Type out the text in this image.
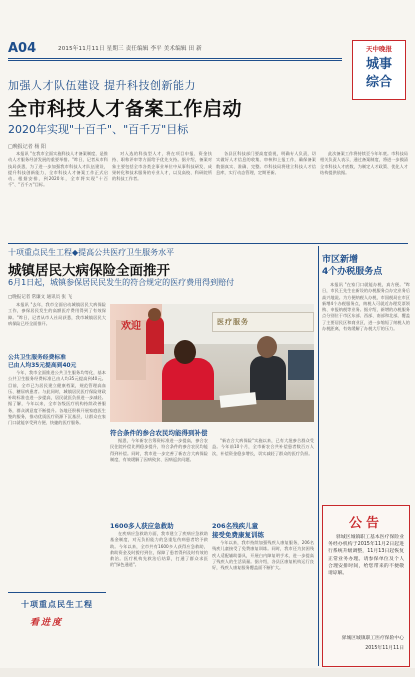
A04	2015年11月11日 星期三 责任编辑 李平 美术编辑 田 新	天中晚报
城事
综合
加强人才队伍建设 提升科技创新能力
全市科技人才备案工作启动
2020年实现"十百千"、"百千万"目标
□晚报记者 杨 阳

本报讯 "在我市全面实施科技人才备案制度，是推动人才服务经济发展的重要举措。"昨日，记者从市科技局获悉，为了进一步加强我市科技人才队伍建设，提升科技创新能力，全市科技人才备案工作正式启动。根据安排，到2020年，全市将实现"十百千"、"百千万"目标。

对入选的科技型人才，将在项目申报、资金扶持、职称评审等方面给予优先支持。据介绍，备案对象主要包括全市各类企事业单位中从事科技研发、成果转化和技术服务的专业人才，以及高校、科研院所的科技工作者。

各县区科技部门要高度重视，明确专人负责，切实做好人才信息的收集、审核和上报工作，确保备案数据真实、准确、完整。市科技局将建立科技人才信息库，实行动态管理，定期更新。

此次备案工作将持续至今年年底。市科技局相关负责人表示，通过备案制度，将进一步摸清全市科技人才底数，为制定人才政策、优化人才结构提供依据。

十项重点民生工程◆提高公共医疗卫生服务水平
城镇居民大病保险全面推开
6月1日起，城镇参保居民民发生的符合规定的医疗费用得到赔付
□晚报记者 常廉文 通讯员 张 飞

本报讯 "去年，我市全面启动城镇居民大病保险工作，参保居民发生的高额医疗费用得到了有效保障。"昨日，记者从市人社局获悉，我市城镇居民大病保险已经全面推开。

公共卫生服务经费标准
已由人均35元提高到40元

今年，我市全面推进公共卫生服务均等化，基本公共卫生服务经费标准已由人均35元提高到40元。目前，全市已为居民建立健康档案，规范管理高血压、糖尿病患者。与此同时，城镇居民医疗保险财政补助标准也进一步提高，居民就医负担进一步减轻。据了解，今年以来，全市各级医疗机构持续改善服务，群众满意度不断提升。各地还积极开展家庭医生签约服务，推动优质医疗资源下沉基层，让群众在家门口就能享受到方便、快捷的医疗服务。

医疗服务
欢迎
符合条件的参合农民均能得到补偿

据悉，今年新农合筹资标准进一步提高，参合农民住院补偿比例稳步提升，符合条件的参合农民均能得到补偿。同时，我市进一步完善了新农合大病保险制度，有效缓解了因病致贫、因病返贫问题。

"新农合大病保险"实施以来，已有大批参合群众受益。今年前10个月，全市新农合共补偿患者数百万人次，补偿资金稳步增长，切实减轻了群众的医疗负担。

1600多人获应急救助

在疾病应急救助方面，我市建立了疾病应急救助基金制度，对无负担能力的急重危伤病患者给予救助。今年以来，全市共有1600多人获得应急救助，救助资金及时拨付到位，保障了患者得到及时有效的救治。医疗机构先救治后结算，打通了群众求医的"绿色通道"。

206名残疾儿童
接受免费康复训练

今年以来，我市持续加强残疾人康复服务，206名残疾儿童接受了免费康复训练。同时，我市还为贫困残疾人适配辅助器具，开展白内障复明手术，进一步提高了残疾人的生活质量。据介绍，各县区康复机构运行良好，残疾人康复服务覆盖面不断扩大。

市区新增
4个办税服务点

本报讯 "在家门口就能办税，真方便。"昨日，市民王先生在新设的办税服务点办完业务后高兴地说。为方便纳税人办税，市国税局在市区新增4个办税服务点，纳税人可就近办理发票领购、申报纳税等业务。据介绍，新增的办税服务点分别位于市区东部、西部、南部和北部，覆盖了主要居民区和商业区，进一步缩短了纳税人的办税距离，有效缓解了办税大厅的压力。

公告
驿城区城镇职工基本医疗保险业务经办机构于2015年11月2日起进行系统升级调整，11月13日起恢复正常业务办理。请参保单位及个人合理安排时间，给您带来的不便敬请谅解。
驿城区城镇职工医疗保险中心
2015年11月11日
十项重点民生工程
看进度
